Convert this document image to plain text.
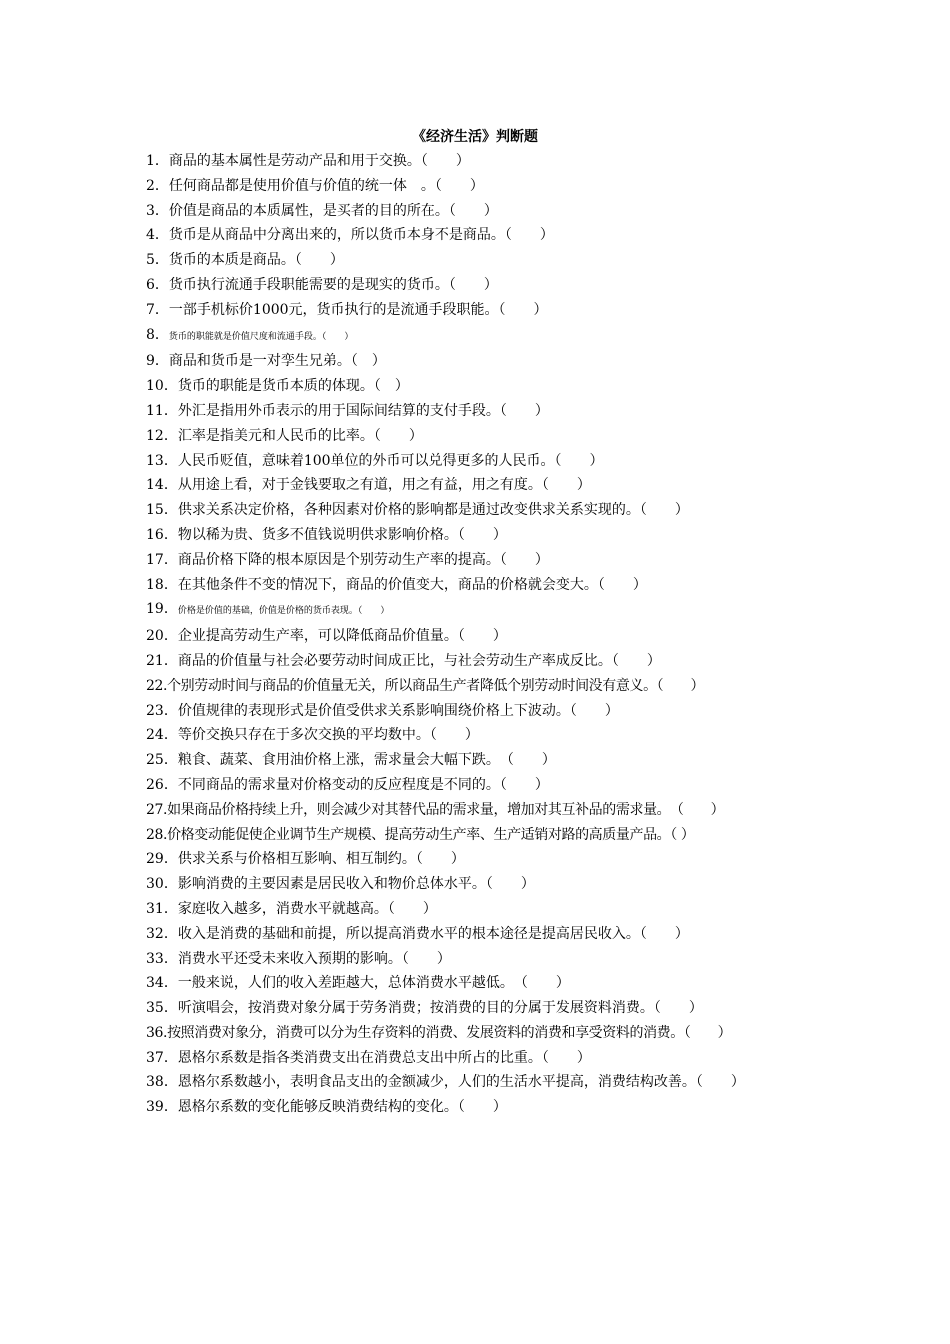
《经济生活》判断题
1．商品的基本属性是劳动产品和用于交换。（　　）
2．任何商品都是使用价值与价值的统一体　。（　　）
3．价值是商品的本质属性，是买者的目的所在。（　　）
4．货币是从商品中分离出来的，所以货币本身不是商品。（　　）
5．货币的本质是商品。（　　）
6．货币执行流通手段职能需要的是现实的货币。（　　）
7．一部手机标价1000元，货币执行的是流通手段职能。（　　）
8．货币的职能就是价值尺度和流通手段。（　　）
9．商品和货币是一对孪生兄弟。（　）
10．货币的职能是货币本质的体现。（　）
11．外汇是指用外币表示的用于国际间结算的支付手段。（　　）
12．汇率是指美元和人民币的比率。（　　）
13．人民币贬值，意味着100单位的外币可以兑得更多的人民币。（　　）
14．从用途上看，对于金钱要取之有道，用之有益，用之有度。（　　）
15．供求关系决定价格，各种因素对价格的影响都是通过改变供求关系实现的。（　　）
16．物以稀为贵、货多不值钱说明供求影响价格。（　　）
17．商品价格下降的根本原因是个别劳动生产率的提高。（　　）
18．在其他条件不变的情况下，商品的价值变大，商品的价格就会变大。（　　）
19．价格是价值的基础，价值是价格的货币表现。（　　）
20．企业提高劳动生产率，可以降低商品价值量。（　　）
21．商品的价值量与社会必要劳动时间成正比，与社会劳动生产率成反比。（　　）
22.个别劳动时间与商品的价值量无关，所以商品生产者降低个别劳动时间没有意义。（　　）
23．价值规律的表现形式是价值受供求关系影响围绕价格上下波动。（　　）
24．等价交换只存在于多次交换的平均数中。（　　）
25．粮食、蔬菜、食用油价格上涨，需求量会大幅下跌。　（　　）
26．不同商品的需求量对价格变动的反应程度是不同的。（　　）
27.如果商品价格持续上升，则会减少对其替代品的需求量，增加对其互补品的需求量。　（　　）
28.价格变动能促使企业调节生产规模、提高劳动生产率、生产适销对路的高质量产品。（ ）
29．供求关系与价格相互影响、相互制约。（　　）
30．影响消费的主要因素是居民收入和物价总体水平。（　　）
31．家庭收入越多，消费水平就越高。（　　）
32．收入是消费的基础和前提，所以提高消费水平的根本途径是提高居民收入。（　　）
33．消费水平还受未来收入预期的影响。（　　）
34．一般来说，人们的收入差距越大，总体消费水平越低。　（　　）
35．听演唱会，按消费对象分属于劳务消费；按消费的目的分属于发展资料消费。（　　）
36.按照消费对象分，消费可以分为生存资料的消费、发展资料的消费和享受资料的消费。（　　）
37．恩格尔系数是指各类消费支出在消费总支出中所占的比重。（　　）
38．恩格尔系数越小，表明食品支出的金额减少，人们的生活水平提高，消费结构改善。（　　）
39．恩格尔系数的变化能够反映消费结构的变化。（　　）
